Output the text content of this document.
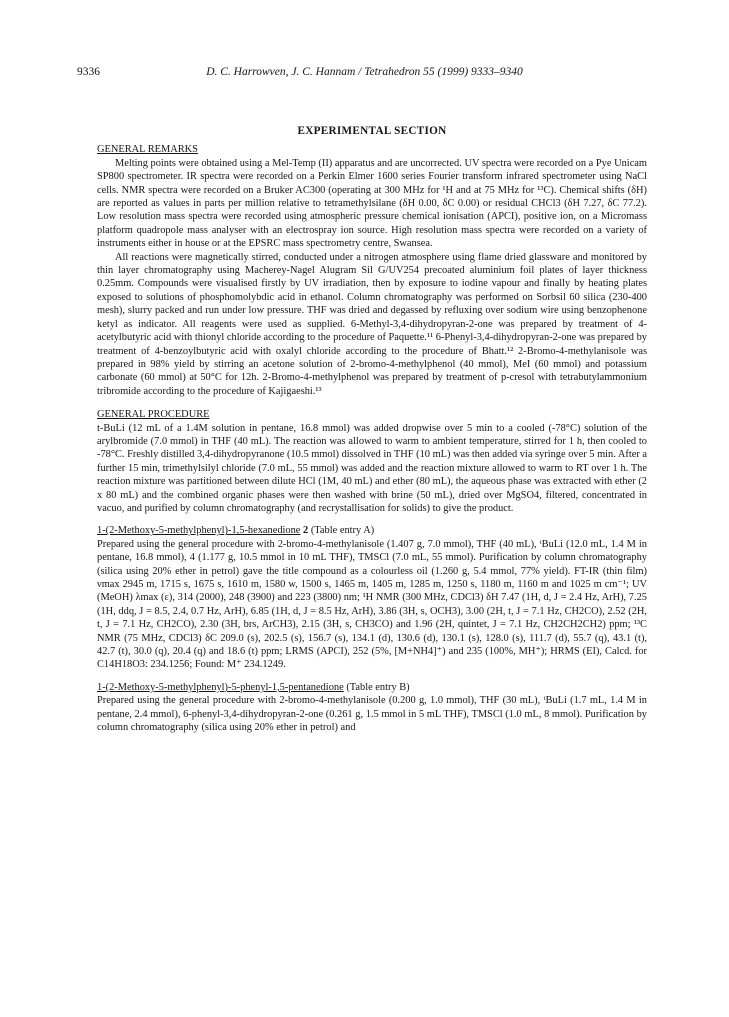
9336	D. C. Harrowven, J. C. Hannam / Tetrahedron 55 (1999) 9333–9340
EXPERIMENTAL SECTION
GENERAL REMARKS

Melting points were obtained using a Mel-Temp (II) apparatus and are uncorrected. UV spectra were recorded on a Pye Unicam SP800 spectrometer. IR spectra were recorded on a Perkin Elmer 1600 series Fourier transform infrared spectrometer using NaCl cells. NMR spectra were recorded on a Bruker AC300 (operating at 300 MHz for ¹H and at 75 MHz for ¹³C). Chemical shifts (δH) are reported as values in parts per million relative to tetramethylsilane (δH 0.00, δC 0.00) or residual CHCl3 (δH 7.27, δC 77.2). Low resolution mass spectra were recorded using atmospheric pressure chemical ionisation (APCI), positive ion, on a Micromass platform quadropole mass analyser with an electrospray ion source. High resolution mass spectra were recorded on a variety of instruments either in house or at the EPSRC mass spectrometry centre, Swansea.

All reactions were magnetically stirred, conducted under a nitrogen atmosphere using flame dried glassware and monitored by thin layer chromatography using Macherey-Nagel Alugram Sil G/UV254 precoated aluminium foil plates of layer thickness 0.25mm. Compounds were visualised firstly by UV irradiation, then by exposure to iodine vapour and finally by heating plates exposed to solutions of phosphomolybdic acid in ethanol. Column chromatography was performed on Sorbsil 60 silica (230-400 mesh), slurry packed and run under low pressure. THF was dried and degassed by refluxing over sodium wire using benzophenone ketyl as indicator. All reagents were used as supplied. 6-Methyl-3,4-dihydropyran-2-one was prepared by treatment of 4-acetylbutyric acid with thionyl chloride according to the procedure of Paquette.¹¹ 6-Phenyl-3,4-dihydropyran-2-one was prepared by treatment of 4-benzoylbutyric acid with oxalyl chloride according to the procedure of Bhatt.¹² 2-Bromo-4-methylanisole was prepared in 98% yield by stirring an acetone solution of 2-bromo-4-methylphenol (40 mmol), MeI (60 mmol) and potassium carbonate (60 mmol) at 50°C for 12h. 2-Bromo-4-methylphenol was prepared by treatment of p-cresol with tetrabutylammonium tribromide according to the procedure of Kajigaeshi.¹³

GENERAL PROCEDURE

t-BuLi (12 mL of a 1.4M solution in pentane, 16.8 mmol) was added dropwise over 5 min to a cooled (-78°C) solution of the arylbromide (7.0 mmol) in THF (40 mL). The reaction was allowed to warm to ambient temperature, stirred for 1 h, then cooled to -78°C. Freshly distilled 3,4-dihydropyranone (10.5 mmol) dissolved in THF (10 mL) was then added via syringe over 5 min. After a further 15 min, trimethylsilyl chloride (7.0 mL, 55 mmol) was added and the reaction mixture allowed to warm to RT over 1 h. The reaction mixture was partitioned between dilute HCl (1M, 40 mL) and ether (80 mL), the aqueous phase was extracted with ether (2 x 80 mL) and the combined organic phases were then washed with brine (50 mL), dried over MgSO4, filtered, concentrated in vacuo, and purified by column chromatography (and recrystallisation for solids) to give the product.

1-(2-Methoxy-5-methylphenyl)-1,5-hexanedione 2 (Table entry A)

Prepared using the general procedure with 2-bromo-4-methylanisole (1.407 g, 7.0 mmol), THF (40 mL), ᵗBuLi (12.0 mL, 1.4 M in pentane, 16.8 mmol), 4 (1.177 g, 10.5 mmol in 10 mL THF), TMSCl (7.0 mL, 55 mmol). Purification by column chromatography (silica using 20% ether in petrol) gave the title compound as a colourless oil (1.260 g, 5.4 mmol, 77% yield). FT-IR (thin film) νmax 2945 m, 1715 s, 1675 s, 1610 m, 1580 w, 1500 s, 1465 m, 1405 m, 1285 m, 1250 s, 1180 m, 1160 m and 1025 m cm⁻¹; UV (MeOH) λmax (ε), 314 (2000), 248 (3900) and 223 (3800) nm; ¹H NMR (300 MHz, CDCl3) δH 7.47 (1H, d, J = 2.4 Hz, ArH), 7.25 (1H, ddq, J = 8.5, 2.4, 0.7 Hz, ArH), 6.85 (1H, d, J = 8.5 Hz, ArH), 3.86 (3H, s, OCH3), 3.00 (2H, t, J = 7.1 Hz, CH2CO), 2.52 (2H, t, J = 7.1 Hz, CH2CO), 2.30 (3H, brs, ArCH3), 2.15 (3H, s, CH3CO) and 1.96 (2H, quintet, J = 7.1 Hz, CH2CH2CH2) ppm; ¹³C NMR (75 MHz, CDCl3) δC 209.0 (s), 202.5 (s), 156.7 (s), 134.1 (d), 130.6 (d), 130.1 (s), 128.0 (s), 111.7 (d), 55.7 (q), 43.1 (t), 42.7 (t), 30.0 (q), 20.4 (q) and 18.6 (t) ppm; LRMS (APCI), 252 (5%, [M+NH4]⁺) and 235 (100%, MH⁺); HRMS (EI), Calcd. for C14H18O3: 234.1256; Found: M⁺ 234.1249.

1-(2-Methoxy-5-methylphenyl)-5-phenyl-1,5-pentanedione (Table entry B)

Prepared using the general procedure with 2-bromo-4-methylanisole (0.200 g, 1.0 mmol), THF (30 mL), ᵗBuLi (1.7 mL, 1.4 M in pentane, 2.4 mmol), 6-phenyl-3,4-dihydropyran-2-one (0.261 g, 1.5 mmol in 5 mL THF), TMSCl (1.0 mL, 8 mmol). Purification by column chromatography (silica using 20% ether in petrol) and
